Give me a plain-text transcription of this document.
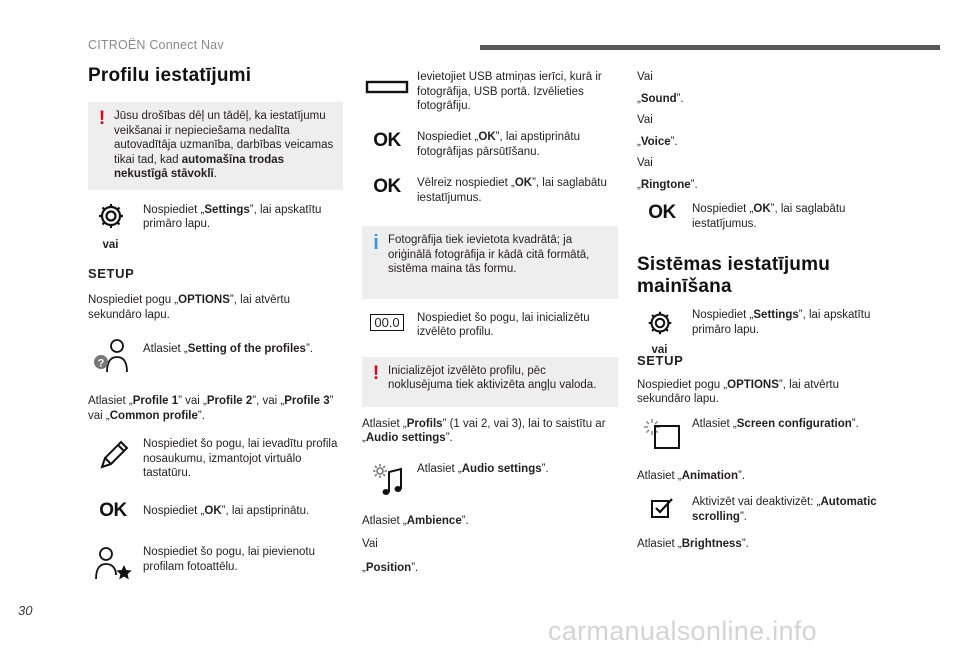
CITROËN Connect Nav
Profilu iestatījumi
! Jūsu drošības dēļ un tādēļ, ka iestatījumu veikšanai ir nepieciešama nedalīta autovadītāja uzmanība, darbības veicamas tikai tad, kad automašīna trodas nekustīgā stāvoklī.
vai
Nospiediet „Settings”, lai apskatītu primāro lapu.
SETUP
Nospiediet pogu „OPTIONS”, lai atvērtu sekundāro lapu.
?
Atlasiet „Setting of the profiles”.
Atlasiet „Profile 1” vai „Profile 2”, vai „Profile 3” vai „Common profile”.
Nospiediet šo pogu, lai ievadītu profila nosaukumu, izmantojot virtuālo tastatūru.
OK	Nospiediet „OK”, lai apstiprinātu.
Nospiediet šo pogu, lai pievienotu profilam fotoattēlu.
Ievietojiet USB atmiņas ierīci, kurā ir fotogrāfija, USB portā. Izvēlieties fotogrāfiju.
OK	Nospiediet „OK”, lai apstiprinātu fotogrāfijas pārsūtīšanu.
OK	Vēlreiz nospiediet „OK”, lai saglabātu iestatījumus.
i Fotogrāfija tiek ievietota kvadrātā; ja oriģinālā fotogrāfija ir kādā citā formātā, sistēma maina tās formu.
00.0	Nospiediet šo pogu, lai inicializētu izvēlēto profilu.
! Inicializējot izvēlēto profilu, pēc noklusējuma tiek aktivizēta angļu valoda.
Atlasiet „Profils” (1 vai 2, vai 3), lai to saistītu ar „Audio settings”.
Atlasiet „Audio settings”.
Atlasiet „Ambience”.
Vai
„Position”.
Vai
„Sound”.
Vai
„Voice”.
Vai
„Ringtone”.
OK	Nospiediet „OK”, lai saglabātu iestatījumus.
Sistēmas iestatījumu mainīšana
vai
Nospiediet „Settings”, lai apskatītu primāro lapu.
SETUP
Nospiediet pogu „OPTIONS”, lai atvērtu sekundāro lapu.
Atlasiet „Screen configuration”.
Atlasiet „Animation”.
Aktivizēt vai deaktivizēt: „Automatic scrolling”.
Atlasiet „Brightness”.
30
carmanualsonline.info
